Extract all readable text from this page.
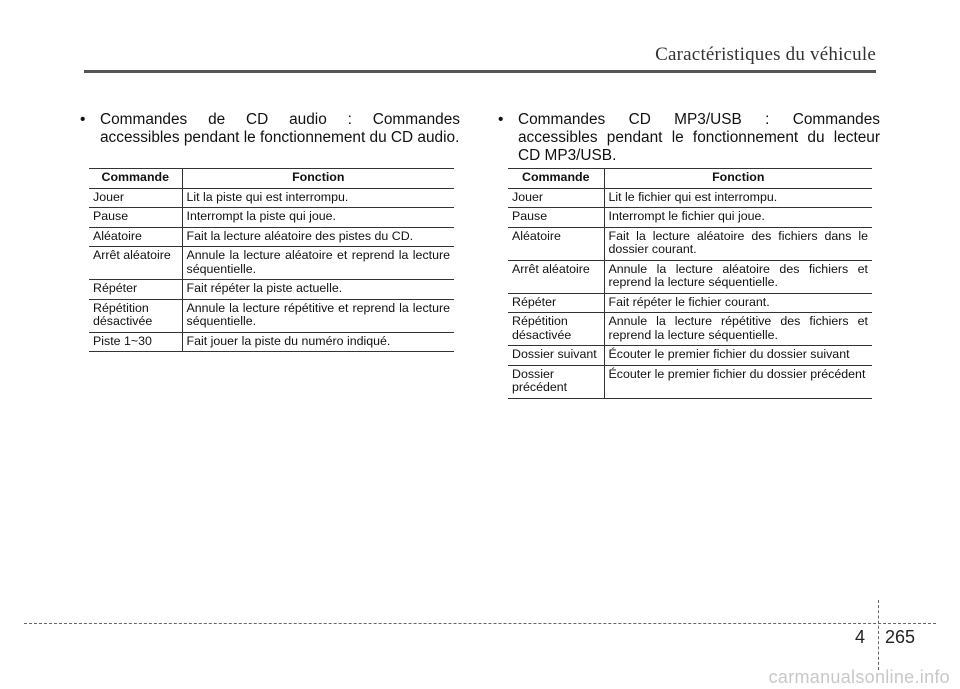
Caractéristiques du véhicule

• Commandes de CD audio : Commandes accessibles pendant le fonctionnement du CD audio.

Commande	Fonction
Jouer	Lit la piste qui est interrompu.
Pause	Interrompt la piste qui joue.
Aléatoire	Fait la lecture aléatoire des pistes du CD.
Arrêt aléatoire	Annule la lecture aléatoire et reprend la lecture séquentielle.
Répéter	Fait répéter la piste actuelle.
Répétition désactivée	Annule la lecture répétitive et reprend la lecture séquentielle.
Piste 1~30	Fait jouer la piste du numéro indiqué.

• Commandes CD MP3/USB : Commandes accessibles pendant le fonctionnement du lecteur CD MP3/USB.

Commande	Fonction
Jouer	Lit le fichier qui est interrompu.
Pause	Interrompt le fichier qui joue.
Aléatoire	Fait la lecture aléatoire des fichiers dans le dossier courant.
Arrêt aléatoire	Annule la lecture aléatoire des fichiers et reprend la lecture séquentielle.
Répéter	Fait répéter le fichier courant.
Répétition désactivée	Annule la lecture répétitive des fichiers et reprend la lecture séquentielle.
Dossier suivant	Écouter le premier fichier du dossier suivant
Dossier précédent	Écouter le premier fichier du dossier précédent
4 265
carmanualsonline.info
